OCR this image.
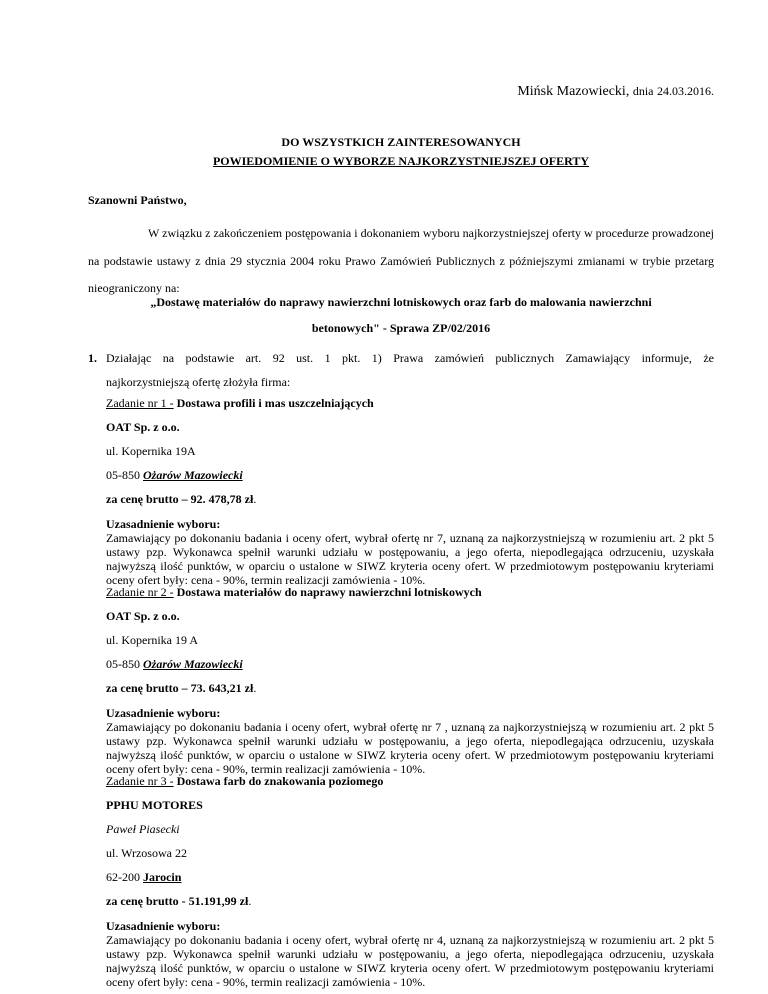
Mińsk Mazowiecki, dnia 24.03.2016.
DO WSZYSTKICH ZAINTERESOWANYCH
POWIEDOMIENIE O WYBORZE NAJKORZYSTNIEJSZEJ OFERTY
Szanowni Państwo,

W związku z zakończeniem postępowania i dokonaniem wyboru najkorzystniejszej oferty w procedurze prowadzonej na podstawie ustawy z dnia 29 stycznia 2004 roku Prawo Zamówień Publicznych z późniejszymi zmianami w trybie przetarg nieograniczony na:

„Dostawę materiałów do naprawy nawierzchni lotniskowych oraz farb do malowania nawierzchni
betonowych" - Sprawa ZP/02/2016
1. Działając na podstawie art. 92 ust. 1 pkt. 1) Prawa zamówień publicznych Zamawiający informuje, że
najkorzystniejszą ofertę złożyła firma:
Zadanie nr 1 - Dostawa profili i mas uszczelniających
OAT Sp. z o.o.
ul. Kopernika 19A
05-850 Ożarów Mazowiecki
za cenę brutto – 92. 478,78 zł.
Uzasadnienie wyboru:

Zamawiający po dokonaniu badania i oceny ofert, wybrał ofertę nr 7, uznaną za najkorzystniejszą w rozumieniu art. 2 pkt 5 ustawy pzp. Wykonawca spełnił warunki udziału w postępowaniu, a jego oferta, niepodlegająca odrzuceniu, uzyskała najwyższą ilość punktów, w oparciu o ustalone w SIWZ kryteria oceny ofert. W przedmiotowym postępowaniu kryteriami oceny ofert były: cena - 90%, termin realizacji zamówienia - 10%.

Zadanie nr 2 - Dostawa materiałów do naprawy nawierzchni lotniskowych
OAT Sp. z o.o.
ul. Kopernika 19 A
05-850 Ożarów Mazowiecki
za cenę brutto – 73. 643,21 zł.
Uzasadnienie wyboru:

Zamawiający po dokonaniu badania i oceny ofert, wybrał ofertę nr 7 , uznaną za najkorzystniejszą w rozumieniu art. 2 pkt 5 ustawy pzp. Wykonawca spełnił warunki udziału w postępowaniu, a jego oferta, niepodlegająca odrzuceniu, uzyskała najwyższą ilość punktów, w oparciu o ustalone w SIWZ kryteria oceny ofert. W przedmiotowym postępowaniu kryteriami oceny ofert były: cena - 90%, termin realizacji zamówienia - 10%.

Zadanie nr 3 - Dostawa farb do znakowania poziomego
PPHU MOTORES
Paweł Piasecki
ul. Wrzosowa 22
62-200 Jarocin
za cenę brutto - 51.191,99 zł.
Uzasadnienie wyboru:

Zamawiający po dokonaniu badania i oceny ofert, wybrał ofertę nr 4, uznaną za najkorzystniejszą w rozumieniu art. 2 pkt 5 ustawy pzp. Wykonawca spełnił warunki udziału w postępowaniu, a jego oferta, niepodlegająca odrzuceniu, uzyskała najwyższą ilość punktów, w oparciu o ustalone w SIWZ kryteria oceny ofert. W przedmiotowym postępowaniu kryteriami oceny ofert były: cena - 90%, termin realizacji zamówienia - 10%.
